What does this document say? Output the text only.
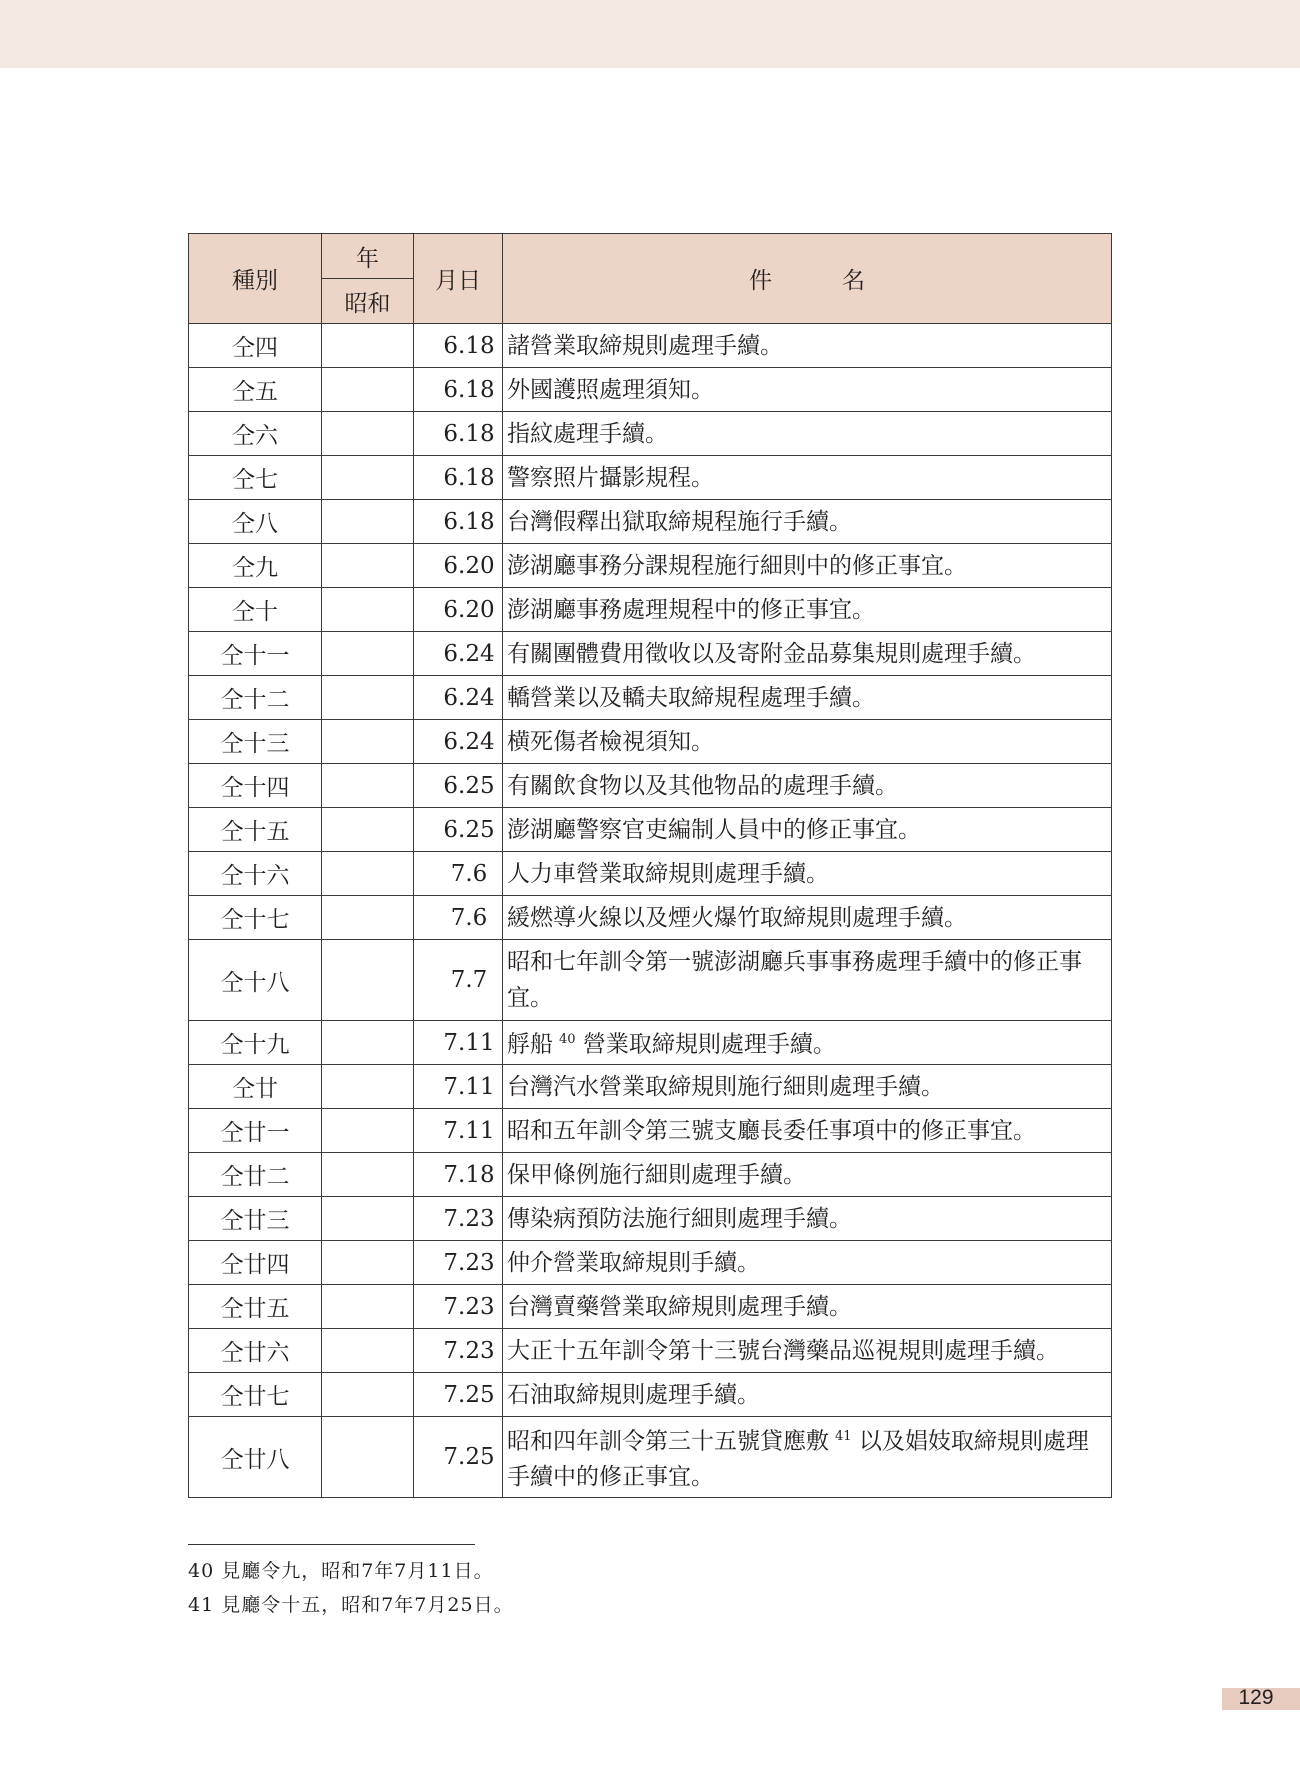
種別	年	月日	件名
	昭和		
仝四		6.18	諸營業取締規則處理手續。
仝五		6.18	外國護照處理須知。
仝六		6.18	指紋處理手續。
仝七		6.18	警察照片攝影規程。
仝八		6.18	台灣假釋出獄取締規程施行手續。
仝九		6.20	澎湖廳事務分課規程施行細則中的修正事宜。
仝十		6.20	澎湖廳事務處理規程中的修正事宜。
仝十一		6.24	有關團體費用徵收以及寄附金品募集規則處理手續。
仝十二		6.24	轎營業以及轎夫取締規程處理手續。
仝十三		6.24	横死傷者檢視須知。
仝十四		6.25	有關飲食物以及其他物品的處理手續。
仝十五		6.25	澎湖廳警察官吏編制人員中的修正事宜。
仝十六		7.6	人力車營業取締規則處理手續。
仝十七		7.6	緩燃導火線以及煙火爆竹取締規則處理手續。
仝十八		7.7	昭和七年訓令第一號澎湖廳兵事事務處理手續中的修正事宜。
仝十九		7.11	艀船 $^{40}$ 營業取締規則處理手續。
仝廿		7.11	台灣汽水營業取締規則施行細則處理手續。
仝廿一		7.11	昭和五年訓令第三號支廳長委任事項中的修正事宜。
仝廿二		7.18	保甲條例施行細則處理手續。
仝廿三		7.23	傳染病預防法施行細則處理手續。
仝廿四		7.23	仲介營業取締規則手續。
仝廿五		7.23	台灣賣藥營業取締規則處理手續。
仝廿六		7.23	大正十五年訓令第十三號台灣藥品巡視規則處理手續。
仝廿七		7.25	石油取締規則處理手續。
仝廿八		7.25	昭和四年訓令第三十五號貸應敷 $^{41}$ 以及娼妓取締規則處理手續中的修正事宜。
40 見廳令九，昭和7年7月11日。
41 見廳令十五，昭和7年7月25日。
129
